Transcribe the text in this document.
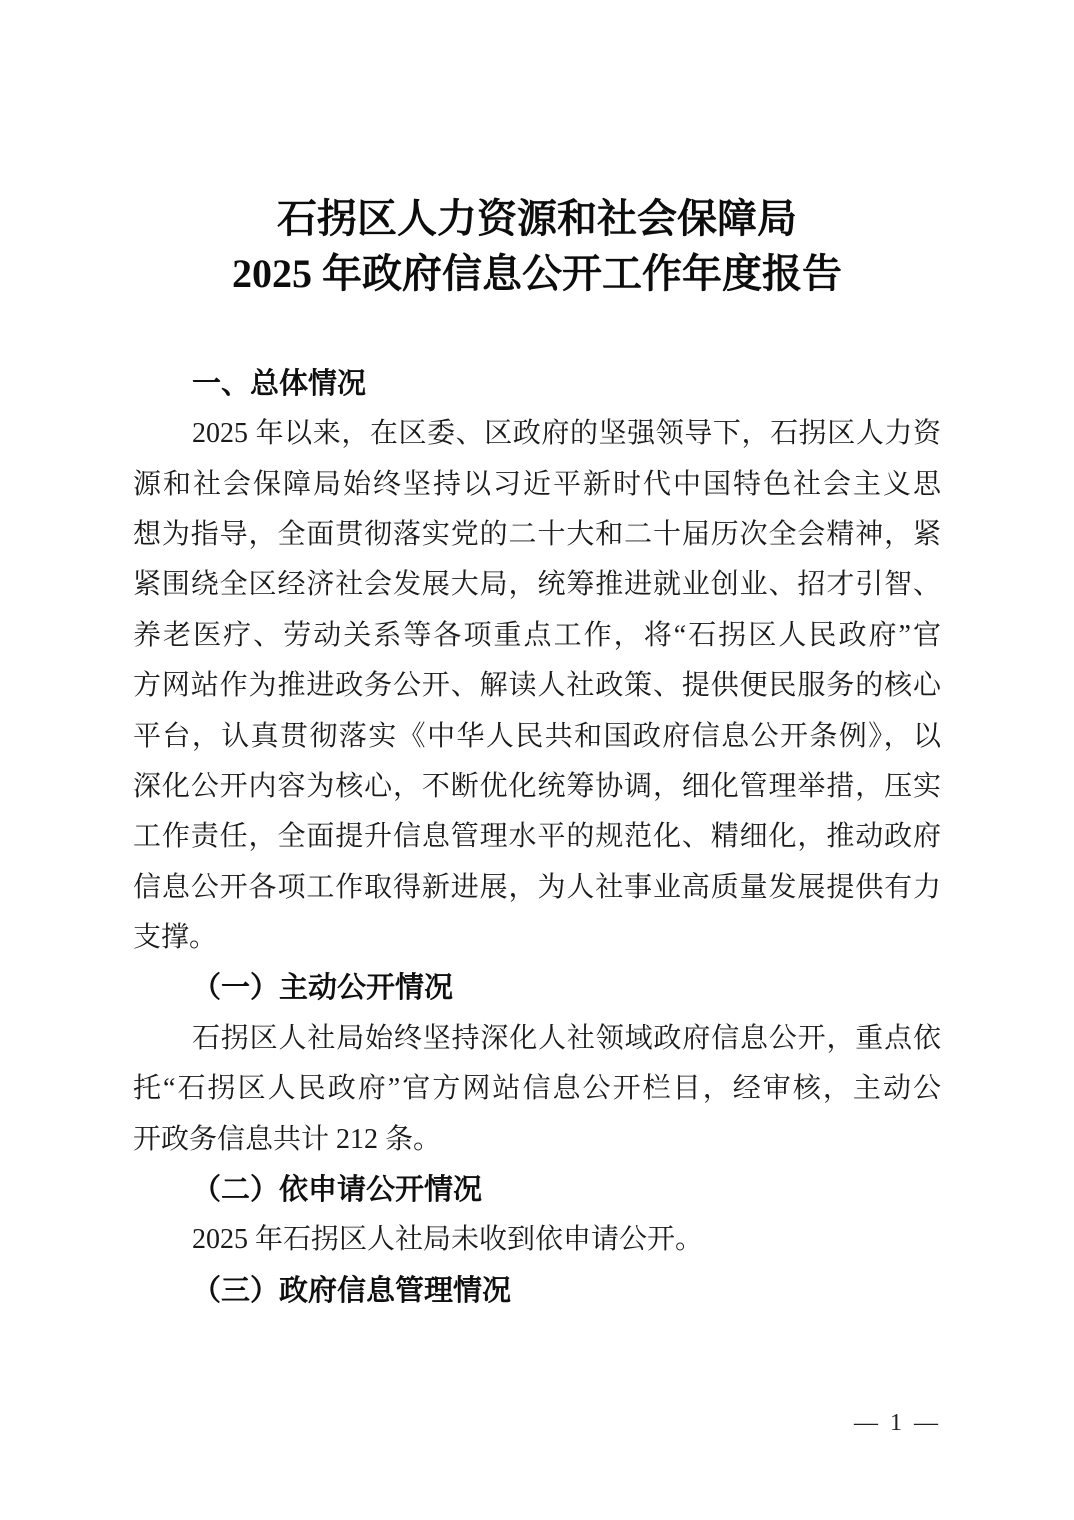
石拐区人力资源和社会保障局
2025 年政府信息公开工作年度报告
一、总体情况
2025 年以来，在区委、区政府的坚强领导下，石拐区人力资
源和社会保障局始终坚持以习近平新时代中国特色社会主义思
想为指导，全面贯彻落实党的二十大和二十届历次全会精神，紧
紧围绕全区经济社会发展大局，统筹推进就业创业、招才引智、
养老医疗、劳动关系等各项重点工作，将“石拐区人民政府”官
方网站作为推进政务公开、解读人社政策、提供便民服务的核心
平台，认真贯彻落实《中华人民共和国政府信息公开条例》，以
深化公开内容为核心，不断优化统筹协调，细化管理举措，压实
工作责任，全面提升信息管理水平的规范化、精细化，推动政府
信息公开各项工作取得新进展，为人社事业高质量发展提供有力
支撑。
（一）主动公开情况
石拐区人社局始终坚持深化人社领域政府信息公开，重点依
托“石拐区人民政府”官方网站信息公开栏目，经审核，主动公
开政务信息共计 212 条。
（二）依申请公开情况
2025 年石拐区人社局未收到依申请公开。
（三）政府信息管理情况
— 1 —
